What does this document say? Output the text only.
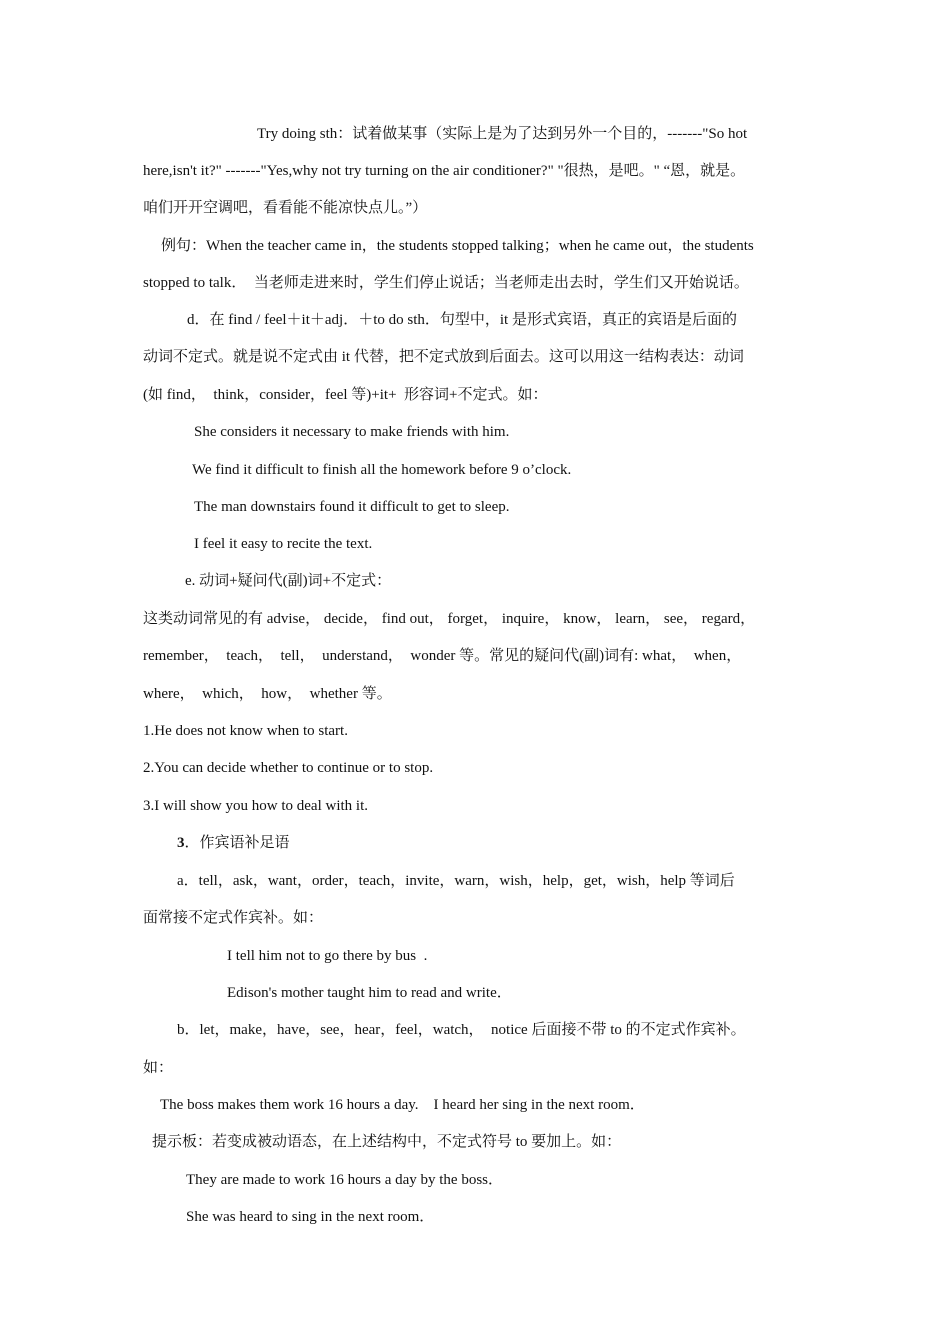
Try doing sth：试着做某事（实际上是为了达到另外一个目的，-------"So hot
here,isn't it?" -------"Yes,why not try turning on the air conditioner?" "很热，是吧。" “恩，就是。
咱们开开空调吧，看看能不能凉快点儿。”）
例句：When the teacher came in，the students stopped talking；when he came out，the students
stopped to talk．  当老师走进来时，学生们停止说话；当老师走出去时，学生们又开始说话。
d．在 find / feel＋it＋adj．＋to do sth．句型中，it 是形式宾语，真正的宾语是后面的
动词不定式。就是说不定式由 it 代替，把不定式放到后面去。这可以用这一结构表达：动词
(如 find，  think，consider，feel 等)+it+  形容词+不定式。如：
She considers it necessary to make friends with him.
We find it difficult to finish all the homework before 9 o’clock.
The man downstairs found it difficult to get to sleep.
I feel it easy to recite the text.
e. 动词+疑问代(副)词+不定式：
这类动词常见的有 advise， decide， find out， forget， inquire， know， learn， see， regard，
remember，  teach，  tell，  understand，  wonder 等。常见的疑问代(副)词有: what，  when，
where，  which，  how，  whether 等。
1.He does not know when to start.
2.You can decide whether to continue or to stop.
3.I will show you how to deal with it.
3．作宾语补足语
a．tell，ask，want，order，teach，invite，warn，wish，help，get，wish，help 等词后
面常接不定式作宾补。如：
I tell him not to go there by bus  .
Edison's mother taught him to read and write．
b．let，make，have，see，hear，feel，watch，  notice 后面接不带 to 的不定式作宾补。
如：
The boss makes them work 16 hours a day.    I heard her sing in the next room．
提示板：若变成被动语态，在上述结构中，不定式符号 to 要加上。如：
They are made to work 16 hours a day by the boss．
She was heard to sing in the next room．
